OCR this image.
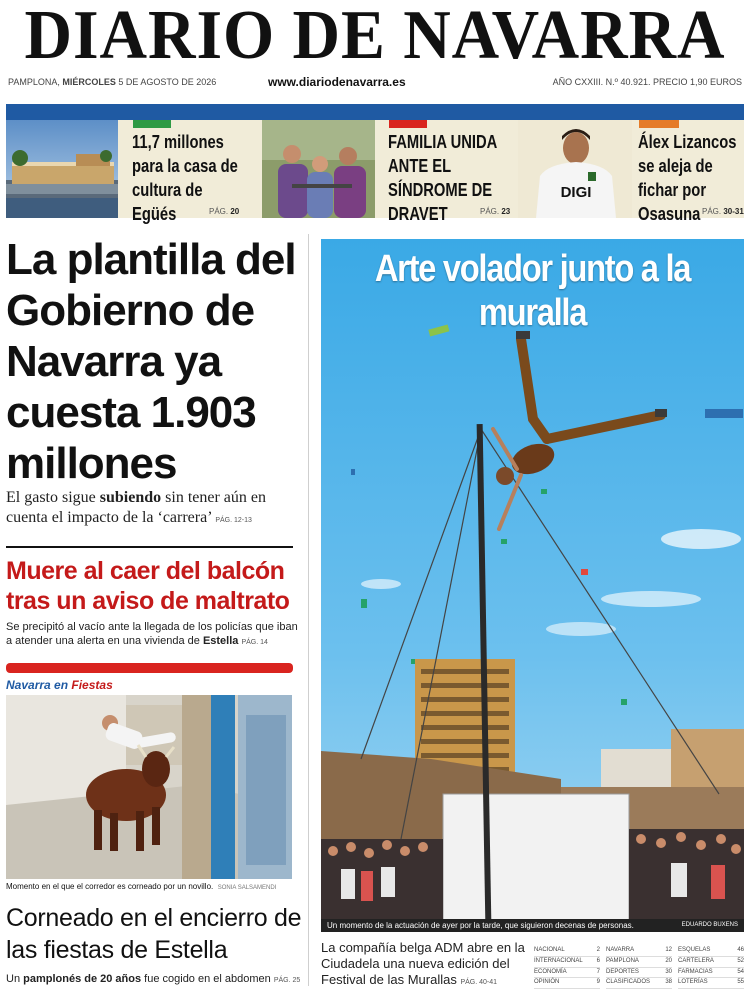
DIARIO DE NAVARRA
PAMPLONA, MIÉRCOLES 5 DE AGOSTO DE 2026	www.diariodenavarra.es	AÑO CXXIII. N.º 40.921. PRECIO 1,90 EUROS
11,7 millones para la casa de cultura de Egüés	PÁG. 20
FAMILIA UNIDA ANTE EL SÍNDROME DE DRAVET	PÁG. 23
DIGI
Álex Lizancos se aleja de fichar por Osasuna PÁG. 30-31
La plantilla del Gobierno de Navarra ya cuesta 1.903 millones
El gasto sigue subiendo sin tener aún en cuenta el impacto de la ‘carrera’ PÁG. 12-13
Muere al caer del balcón tras un aviso de maltrato
Se precipitó al vacío ante la llegada de los policías que iban a atender una alerta en una vivienda de Estella PÁG. 14
Navarra en Fiestas
Momento en el que el corredor es corneado por un novillo. SONIA SALSAMENDI
Corneado en el encierro de las fiestas de Estella
Un pamplonés de 20 años fue cogido en el abdomen PÁG. 25
Arte volador junto a la muralla
Un momento de la actuación de ayer por la tarde, que siguieron decenas de personas.	EDUARDO BUXENS
La compañía belga ADM abre en la Ciudadela una nueva edición del Festival de las Murallas PÁG. 40-41
NACIONAL	2
INTERNACIONAL 6
ECONOMÍA	7
OPINIÓN	9
NAVARRA	12
PAMPLONA	20
DEPORTES	30
CLASIFICADOS	38
ESQUELAS	46
CARTELERA	52
FARMACIAS	54
LOTERÍAS	55
